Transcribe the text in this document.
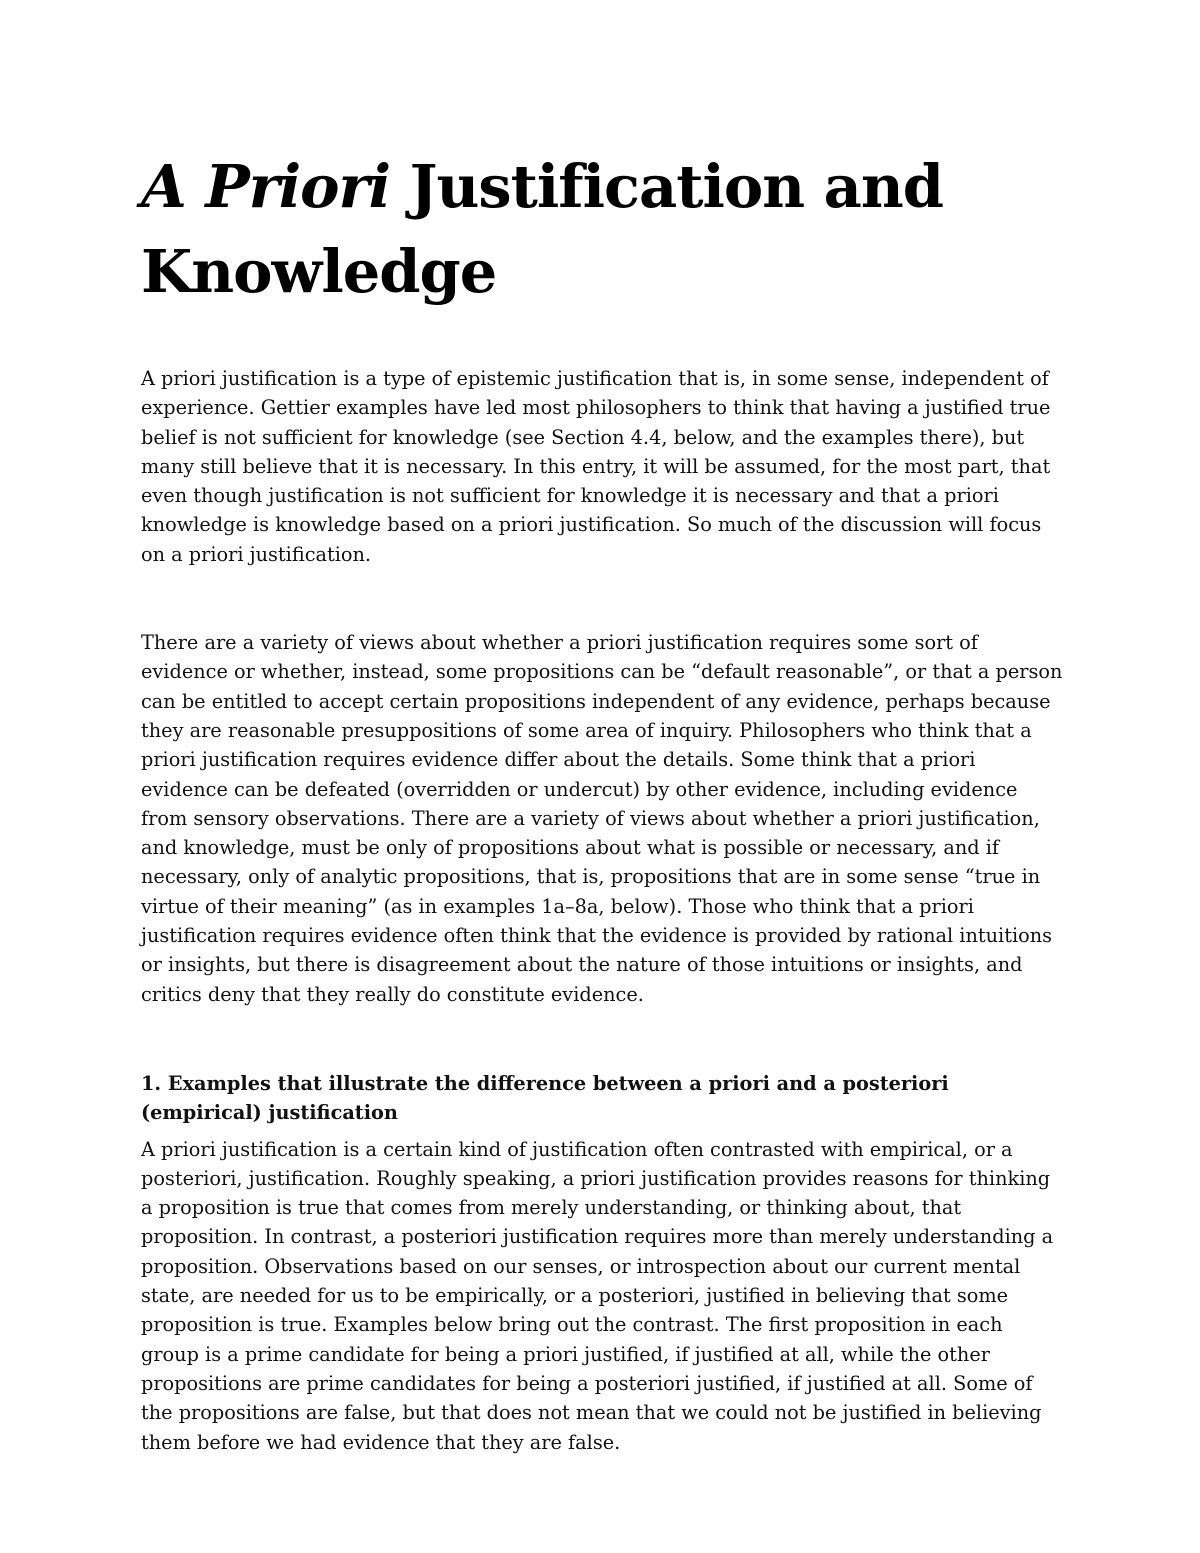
A Priori Justification and Knowledge

A priori justification is a type of epistemic justification that is, in some sense, independent of experience. Gettier examples have led most philosophers to think that having a justified true belief is not sufficient for knowledge (see Section 4.4, below, and the examples there), but many still believe that it is necessary. In this entry, it will be assumed, for the most part, that even though justification is not sufficient for knowledge it is necessary and that a priori knowledge is knowledge based on a priori justification. So much of the discussion will focus on a priori justification.

There are a variety of views about whether a priori justification requires some sort of evidence or whether, instead, some propositions can be “default reasonable”, or that a person can be entitled to accept certain propositions independent of any evidence, perhaps because they are reasonable presuppositions of some area of inquiry. Philosophers who think that a priori justification requires evidence differ about the details. Some think that a priori evidence can be defeated (overridden or undercut) by other evidence, including evidence from sensory observations. There are a variety of views about whether a priori justification, and knowledge, must be only of propositions about what is possible or necessary, and if necessary, only of analytic propositions, that is, propositions that are in some sense “true in virtue of their meaning” (as in examples 1a–8a, below). Those who think that a priori justification requires evidence often think that the evidence is provided by rational intuitions or insights, but there is disagreement about the nature of those intuitions or insights, and critics deny that they really do constitute evidence.

1. Examples that illustrate the difference between a priori and a posteriori (empirical) justification

A priori justification is a certain kind of justification often contrasted with empirical, or a posteriori, justification. Roughly speaking, a priori justification provides reasons for thinking a proposition is true that comes from merely understanding, or thinking about, that proposition. In contrast, a posteriori justification requires more than merely understanding a proposition. Observations based on our senses, or introspection about our current mental state, are needed for us to be empirically, or a posteriori, justified in believing that some proposition is true. Examples below bring out the contrast. The first proposition in each group is a prime candidate for being a priori justified, if justified at all, while the other propositions are prime candidates for being a posteriori justified, if justified at all. Some of the propositions are false, but that does not mean that we could not be justified in believing them before we had evidence that they are false.
